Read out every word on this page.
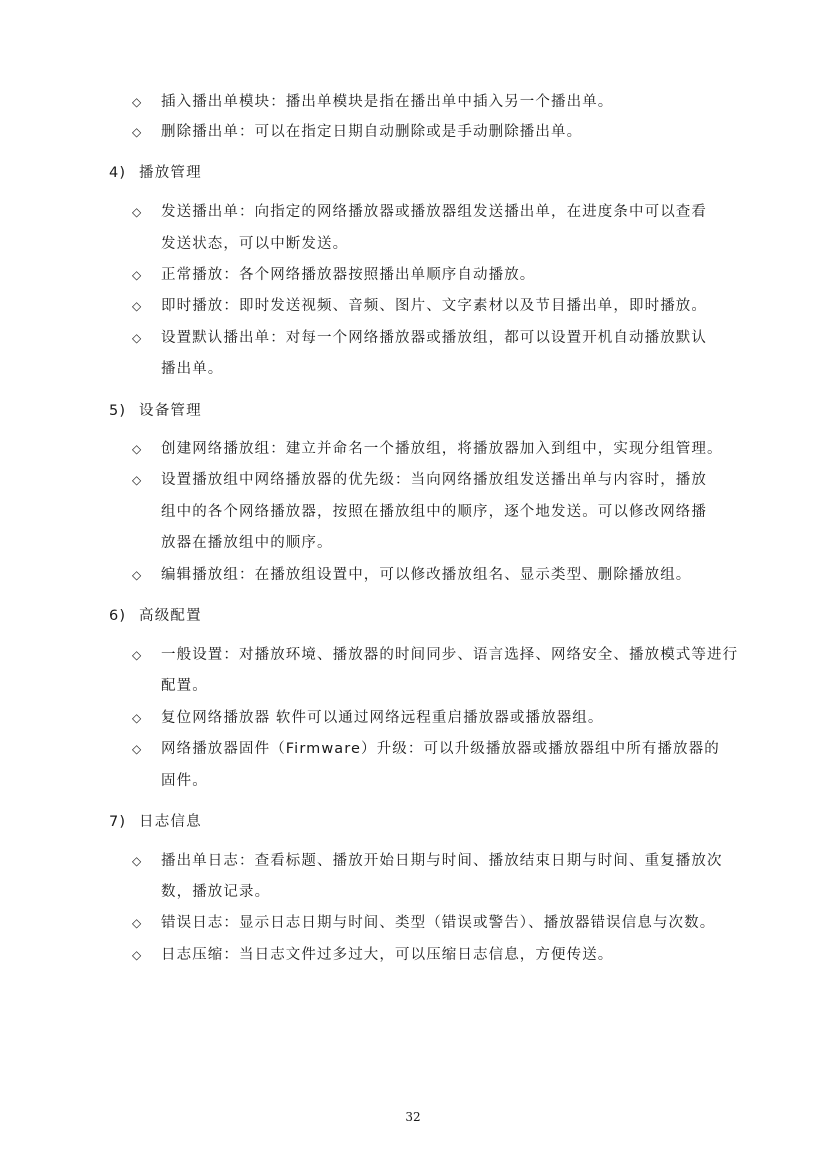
◇ 插入播出单模块：播出单模块是指在播出单中插入另一个播出单。
◇ 删除播出单：可以在指定日期自动删除或是手动删除播出单。
4) 播放管理
◇ 发送播出单：向指定的网络播放器或播放器组发送播出单，在进度条中可以查看
发送状态，可以中断发送。
◇ 正常播放：各个网络播放器按照播出单顺序自动播放。
◇ 即时播放：即时发送视频、音频、图片、文字素材以及节目播出单，即时播放。
◇ 设置默认播出单：对每一个网络播放器或播放组，都可以设置开机自动播放默认
播出单。
5) 设备管理
◇ 创建网络播放组：建立并命名一个播放组，将播放器加入到组中，实现分组管理。
◇ 设置播放组中网络播放器的优先级：当向网络播放组发送播出单与内容时，播放
组中的各个网络播放器，按照在播放组中的顺序，逐个地发送。可以修改网络播
放器在播放组中的顺序。
◇ 编辑播放组：在播放组设置中，可以修改播放组名、显示类型、删除播放组。
6) 高级配置
◇ 一般设置：对播放环境、播放器的时间同步、语言选择、网络安全、播放模式等进行
配置。
◇ 复位网络播放器 软件可以通过网络远程重启播放器或播放器组。
◇ 网络播放器固件（Firmware）升级：可以升级播放器或播放器组中所有播放器的
固件。
7) 日志信息
◇ 播出单日志：查看标题、播放开始日期与时间、播放结束日期与时间、重复播放次
数，播放记录。
◇ 错误日志：显示日志日期与时间、类型（错误或警告）、播放器错误信息与次数。
◇ 日志压缩：当日志文件过多过大，可以压缩日志信息，方便传送。
32
